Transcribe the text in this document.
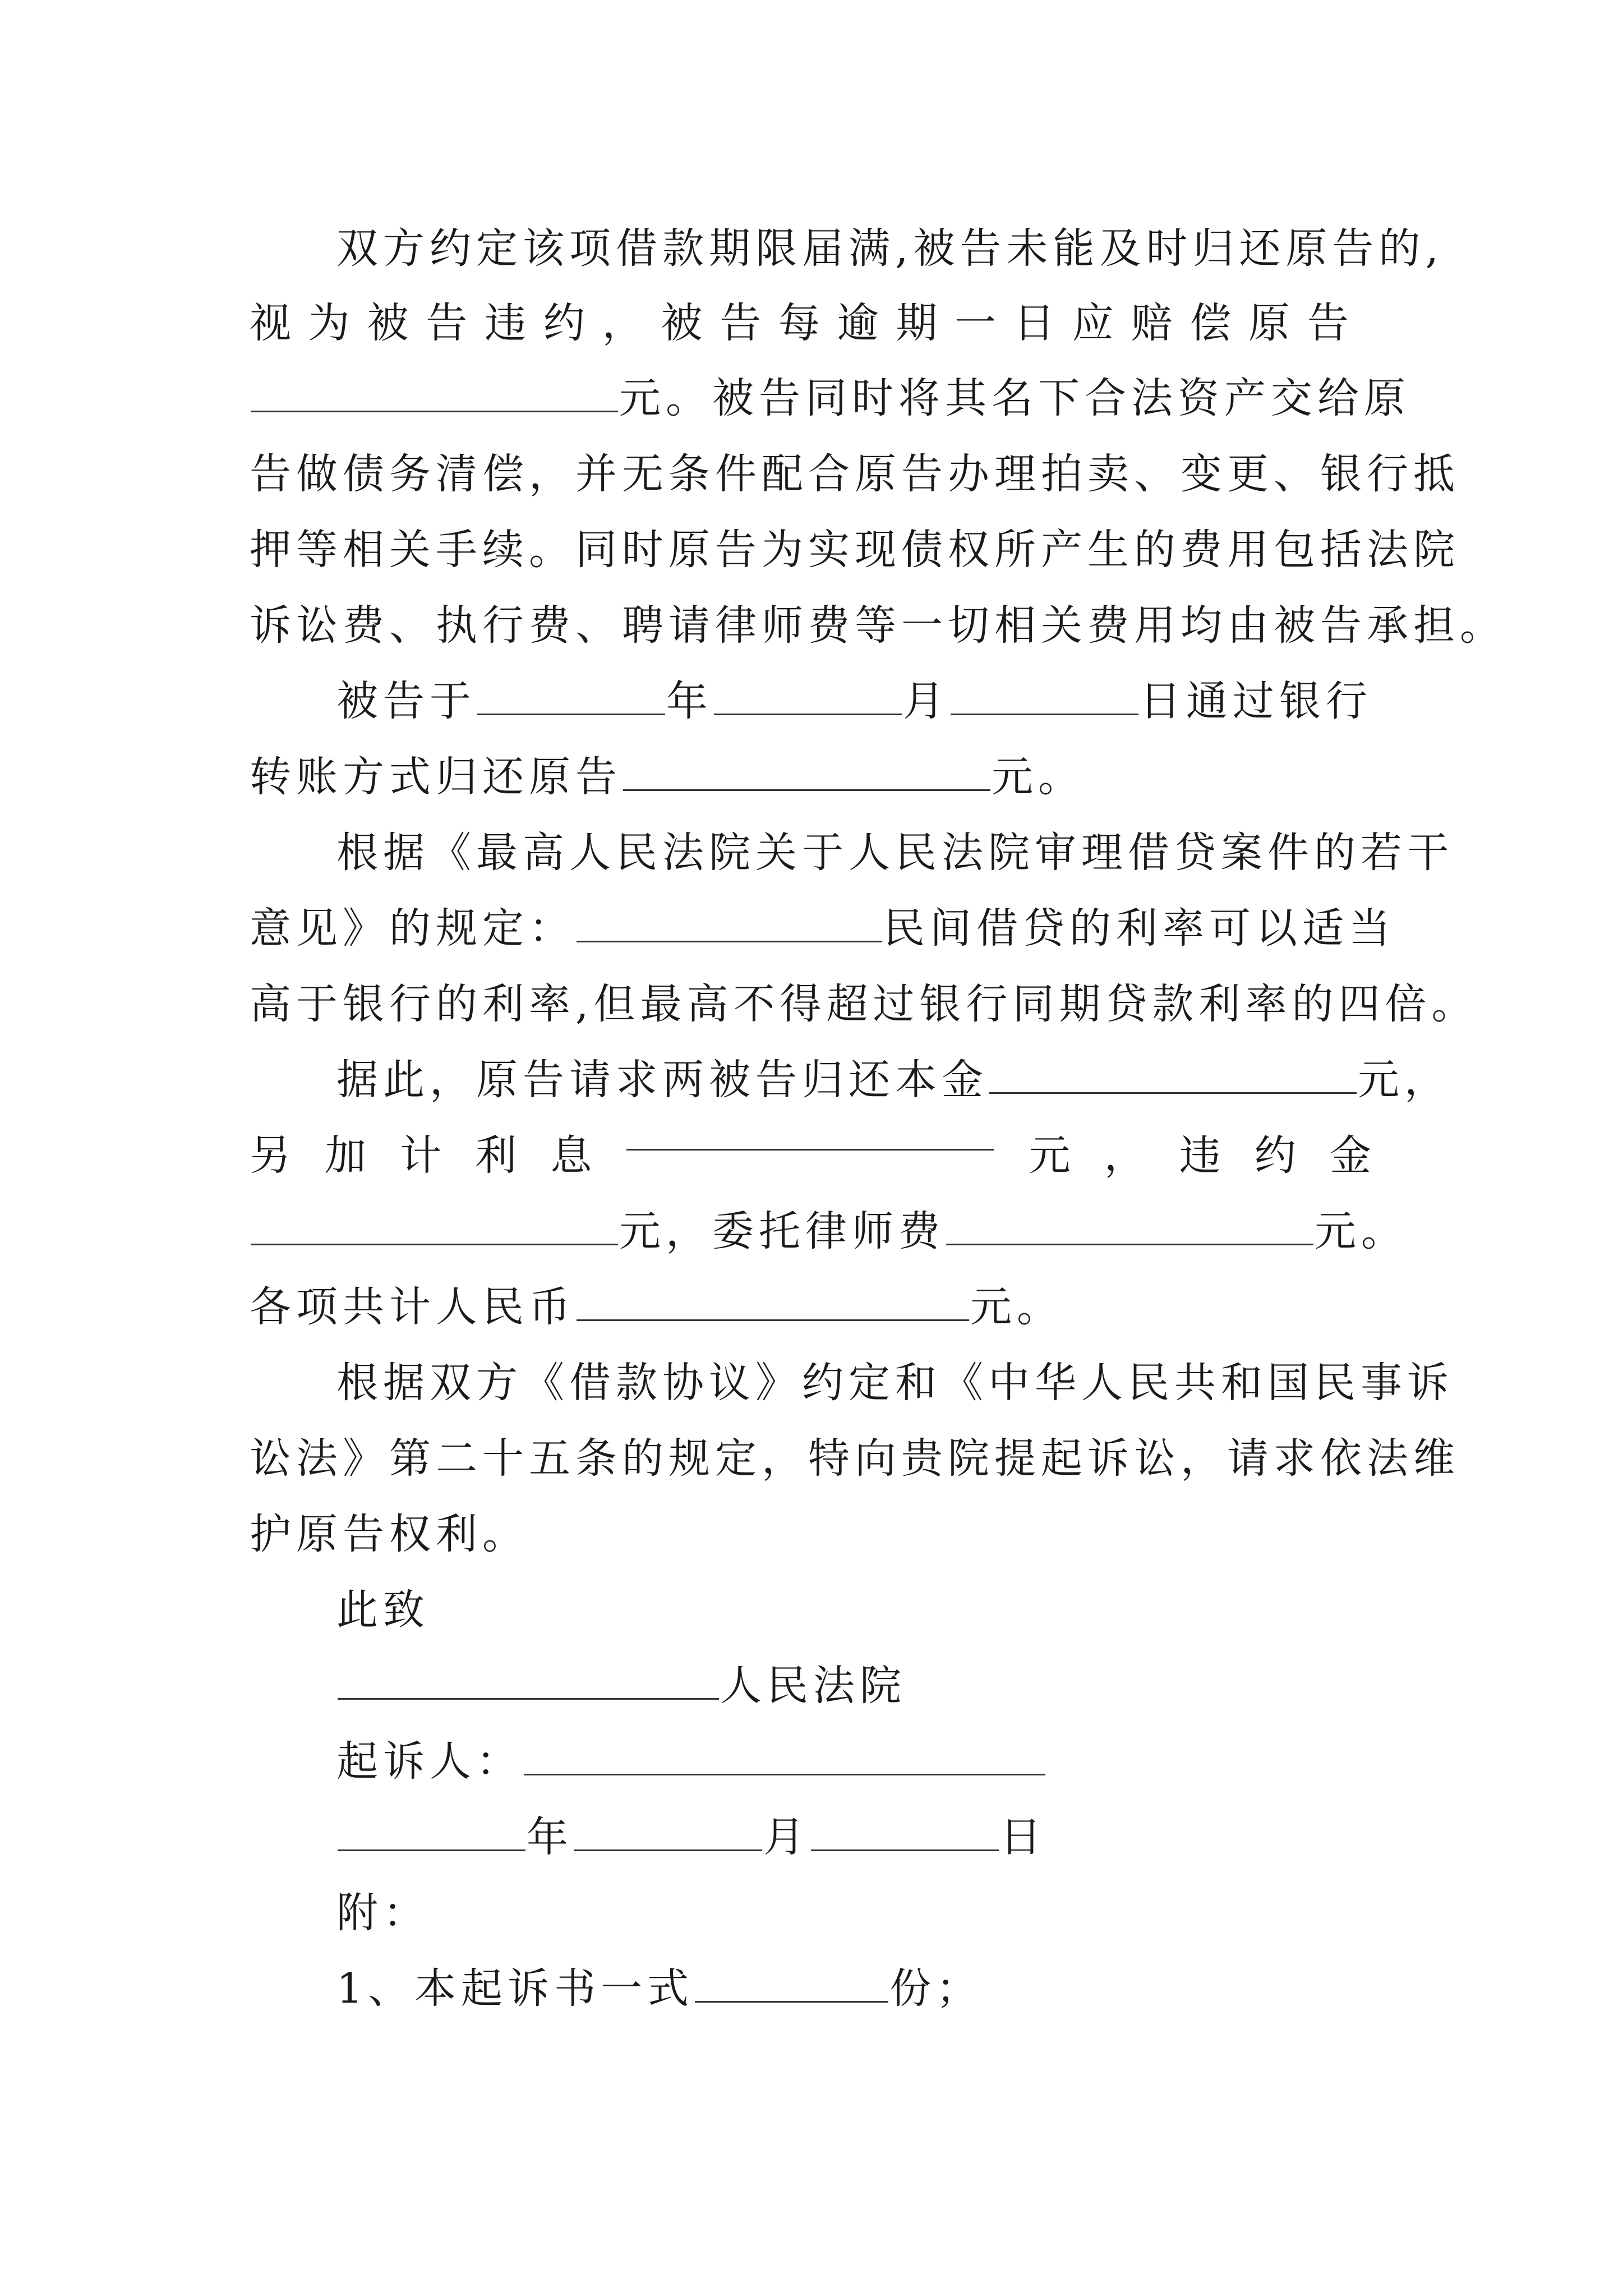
双方约定该项借款期限届满,被告未能及时归还原告的,
视 为 被 告 违 约 ， 被 告 每 逾 期 一 日 应 赔 偿 原 告
元。被告同时将其名下合法资产交给原
告做债务清偿，并无条件配合原告办理拍卖、变更、银行抵
押等相关手续。同时原告为实现债权所产生的费用包括法院
诉讼费、执行费、聘请律师费等一切相关费用均由被告承担。
被告于	年	月	日通过银行
转账方式归还原告	元。
根据《最高人民法院关于人民法院审理借贷案件的若干
意见》的规定：	民间借贷的利率可以适当
高于银行的利率,但最高不得超过银行同期贷款利率的四倍。
据此，原告请求两被告归还本金	元，
另 加 计 利 息	元 ， 违 约 金
元，委托律师费	元。
各项共计人民币	元。
根据双方《借款协议》约定和《中华人民共和国民事诉
讼法》第二十五条的规定，特向贵院提起诉讼，请求依法维
护原告权利。
此致
人民法院
起诉人：
年	月	日
附：
1、本起诉书一式	份；
